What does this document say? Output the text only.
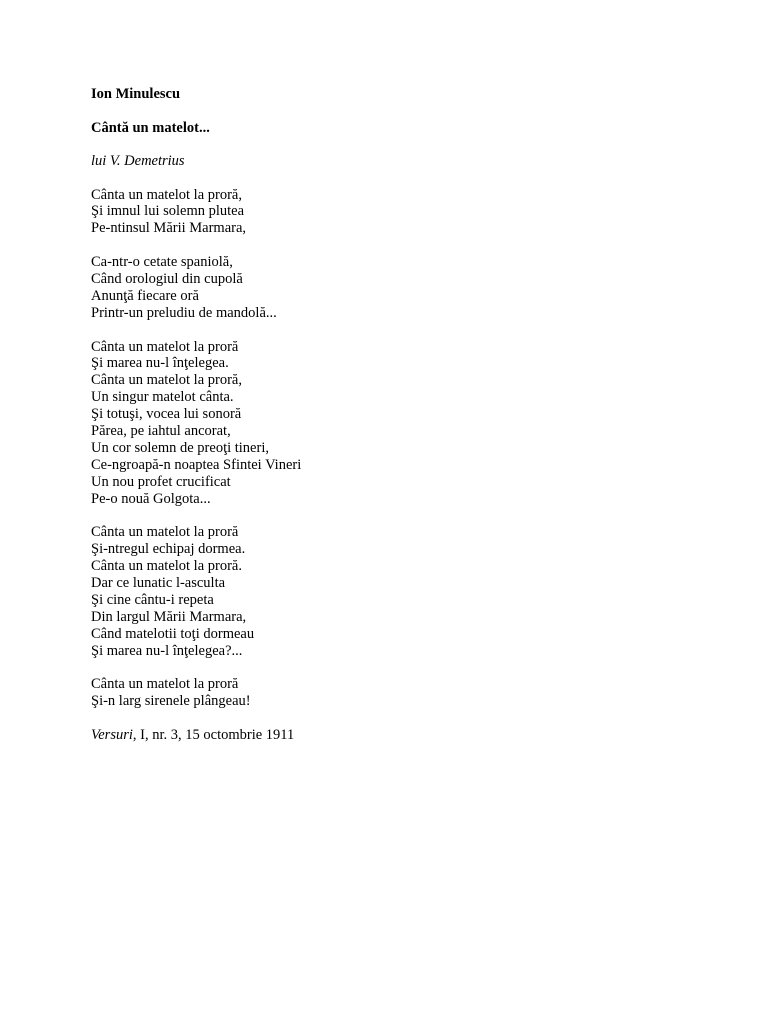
Ion Minulescu
Cântă un matelot...
lui V. Demetrius
Cânta un matelot la proră,
Şi imnul lui solemn plutea
Pe-ntinsul Mării Marmara,
Ca-ntr-o cetate spaniolă,
Când orologiul din cupolă
Anunţă fiecare oră
Printr-un preludiu de mandolă...
Cânta un matelot la proră
Şi marea nu-l înţelegea.
Cânta un matelot la proră,
Un singur matelot cânta.
Şi totuşi, vocea lui sonoră
Părea, pe iahtul ancorat,
Un cor solemn de preoţi tineri,
Ce-ngroapă-n noaptea Sfintei Vineri
Un nou profet crucificat
Pe-o nouă Golgota...
Cânta un matelot la proră
Şi-ntregul echipaj dormea.
Cânta un matelot la proră.
Dar ce lunatic l-asculta
Şi cine cântu-i repeta
Din largul Mării Marmara,
Când matelotii toţi dormeau
Şi marea nu-l înţelegea?...
Cânta un matelot la proră
Şi-n larg sirenele plângeau!
Versuri, I, nr. 3, 15 octombrie 1911
